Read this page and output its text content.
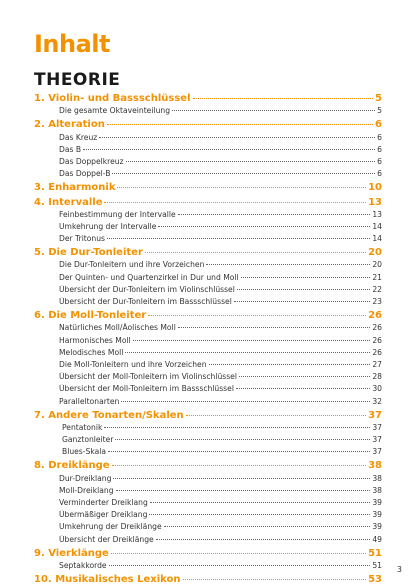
Inhalt
THEORIE
1. Violin- und Bassschlüssel	5
Die gesamte Oktaveinteilung	5
2. Alteration	6
Das Kreuz	6
Das B	6
Das Doppelkreuz	6
Das Doppel-B	6
3. Enharmonik	10
4. Intervalle	13
Feinbestimmung der Intervalle	13
Umkehrung der Intervalle	14
Der Tritonus	14
5. Die Dur-Tonleiter	20
Die Dur-Tonleitern und ihre Vorzeichen	20
Der Quinten- und Quartenzirkel in Dur und Moll	21
Übersicht der Dur-Tonleitern im Violinschlüssel	22
Übersicht der Dur-Tonleitern im Bassschlüssel	23
6. Die Moll-Tonleiter	26
Natürliches Moll/Äolisches Moll	26
Harmonisches Moll	26
Melodisches Moll	26
Die Moll-Tonleitern und ihre Vorzeichen	27
Übersicht der Moll-Tonleitern im Violinschlüssel	28
Übersicht der Moll-Tonleitern im Bassschlüssel	30
Paralleltonarten	32
7. Andere Tonarten/Skalen	37
Pentatonik	37
Ganztonleiter	37
Blues-Skala	37
8. Dreiklänge	38
Dur-Dreiklang	38
Moll-Dreiklang	38
Verminderter Dreiklang	39
Übermäßiger Dreiklang	39
Umkehrung der Dreiklänge	39
Übersicht der Dreiklänge	49
9. Vierklänge	51
Septakkorde	51
10. Musikalisches Lexikon	53
3
